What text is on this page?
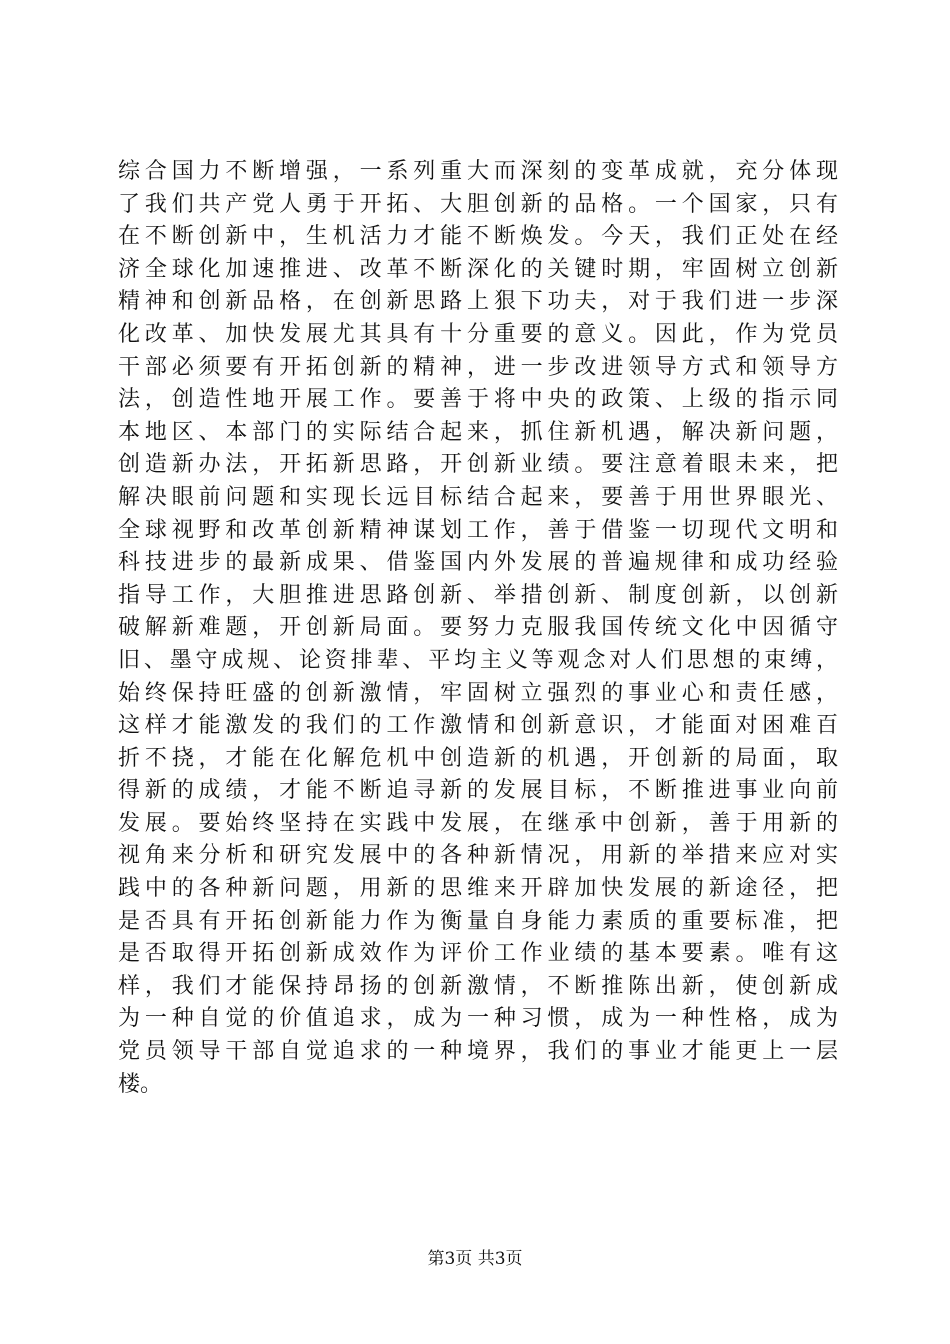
综合国力不断增强，一系列重大而深刻的变革成就，充分体现
了我们共产党人勇于开拓、大胆创新的品格。一个国家，只有
在不断创新中，生机活力才能不断焕发。今天，我们正处在经
济全球化加速推进、改革不断深化的关键时期，牢固树立创新
精神和创新品格，在创新思路上狠下功夫，对于我们进一步深
化改革、加快发展尤其具有十分重要的意义。因此，作为党员
干部必须要有开拓创新的精神，进一步改进领导方式和领导方
法，创造性地开展工作。要善于将中央的政策、上级的指示同
本地区、本部门的实际结合起来，抓住新机遇，解决新问题，
创造新办法，开拓新思路，开创新业绩。要注意着眼未来，把
解决眼前问题和实现长远目标结合起来，要善于用世界眼光、
全球视野和改革创新精神谋划工作，善于借鉴一切现代文明和
科技进步的最新成果、借鉴国内外发展的普遍规律和成功经验
指导工作，大胆推进思路创新、举措创新、制度创新，以创新
破解新难题，开创新局面。要努力克服我国传统文化中因循守
旧、墨守成规、论资排辈、平均主义等观念对人们思想的束缚，
始终保持旺盛的创新激情，牢固树立强烈的事业心和责任感，
这样才能激发的我们的工作激情和创新意识，才能面对困难百
折不挠，才能在化解危机中创造新的机遇，开创新的局面，取
得新的成绩，才能不断追寻新的发展目标，不断推进事业向前
发展。要始终坚持在实践中发展，在继承中创新，善于用新的
视角来分析和研究发展中的各种新情况，用新的举措来应对实
践中的各种新问题，用新的思维来开辟加快发展的新途径，把
是否具有开拓创新能力作为衡量自身能力素质的重要标准，把
是否取得开拓创新成效作为评价工作业绩的基本要素。唯有这
样，我们才能保持昂扬的创新激情，不断推陈出新，使创新成
为一种自觉的价值追求，成为一种习惯，成为一种性格，成为
党员领导干部自觉追求的一种境界，我们的事业才能更上一层
楼。

第3页 共3页
